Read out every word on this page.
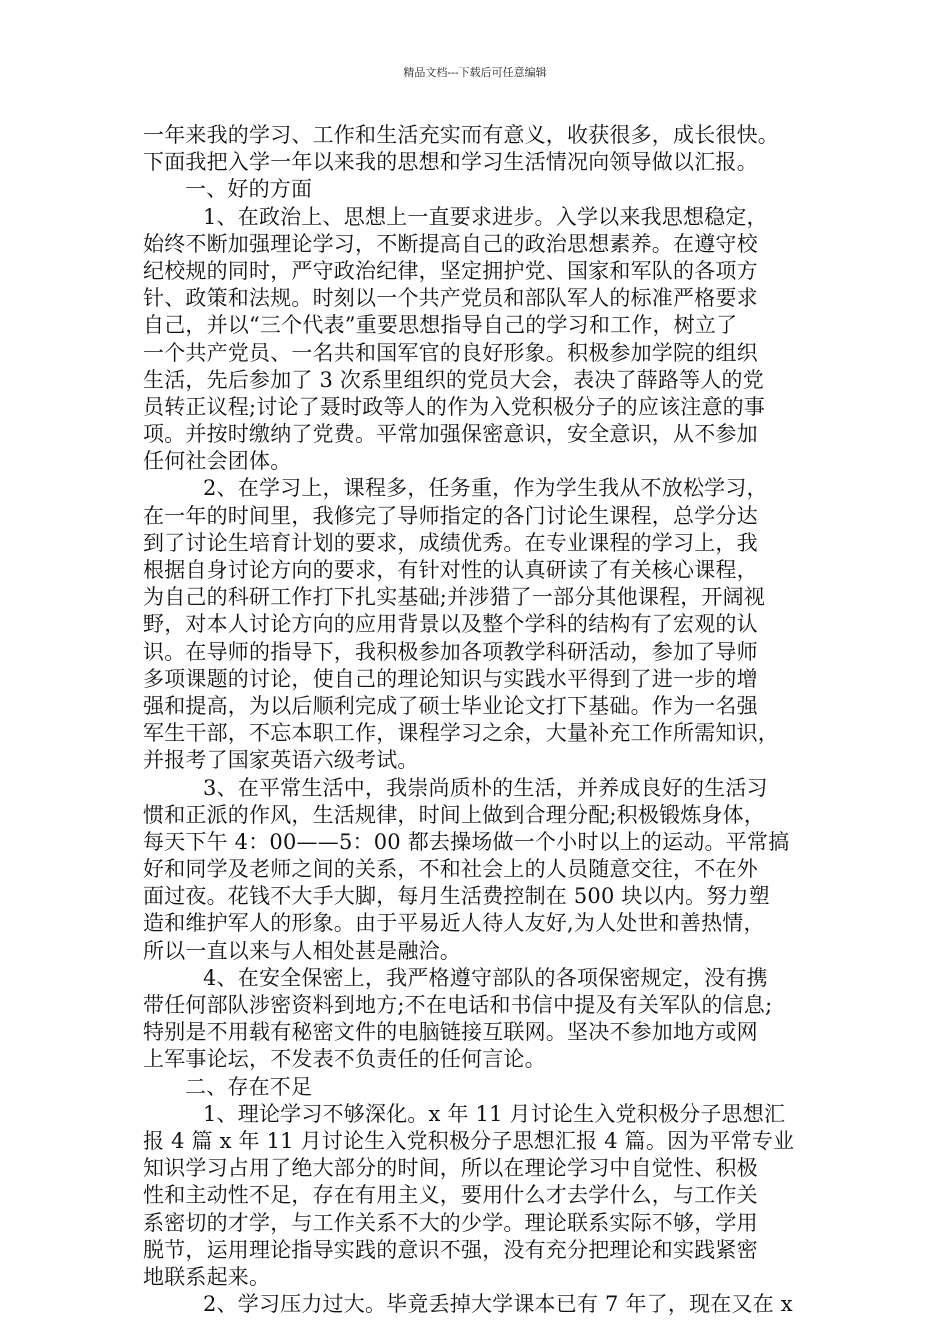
精品文档---下载后可任意编辑
一年来我的学习、工作和生活充实而有意义，收获很多，成长很快。
下面我把入学一年以来我的思想和学习生活情况向领导做以汇报。
一、好的方面
1、在政治上、思想上一直要求进步。入学以来我思想稳定，
始终不断加强理论学习，不断提高自己的政治思想素养。在遵守校
纪校规的同时，严守政治纪律，坚定拥护党、国家和军队的各项方
针、政策和法规。时刻以一个共产党员和部队军人的标准严格要求
自己，并以“三个代表”重要思想指导自己的学习和工作，树立了
一个共产党员、一名共和国军官的良好形象。积极参加学院的组织
生活，先后参加了 3 次系里组织的党员大会，表决了薛路等人的党
员转正议程;讨论了聂时政等人的作为入党积极分子的应该注意的事
项。并按时缴纳了党费。平常加强保密意识，安全意识，从不参加
任何社会团体。
2、在学习上，课程多，任务重，作为学生我从不放松学习，
在一年的时间里，我修完了导师指定的各门讨论生课程，总学分达
到了讨论生培育计划的要求，成绩优秀。在专业课程的学习上，我
根据自身讨论方向的要求，有针对性的认真研读了有关核心课程，
为自己的科研工作打下扎实基础;并涉猎了一部分其他课程，开阔视
野，对本人讨论方向的应用背景以及整个学科的结构有了宏观的认
识。在导师的指导下，我积极参加各项教学科研活动，参加了导师
多项课题的讨论，使自己的理论知识与实践水平得到了进一步的增
强和提高，为以后顺利完成了硕士毕业论文打下基础。作为一名强
军生干部，不忘本职工作，课程学习之余，大量补充工作所需知识，
并报考了国家英语六级考试。
3、在平常生活中，我崇尚质朴的生活，并养成良好的生活习
惯和正派的作风，生活规律，时间上做到合理分配;积极锻炼身体，
每天下午 4：00——5：00 都去操场做一个小时以上的运动。平常搞
好和同学及老师之间的关系，不和社会上的人员随意交往，不在外
面过夜。花钱不大手大脚，每月生活费控制在 500 块以内。努力塑
造和维护军人的形象。由于平易近人待人友好,为人处世和善热情，
所以一直以来与人相处甚是融洽。
4、在安全保密上，我严格遵守部队的各项保密规定，没有携
带任何部队涉密资料到地方;不在电话和书信中提及有关军队的信息;
特别是不用载有秘密文件的电脑链接互联网。坚决不参加地方或网
上军事论坛，不发表不负责任的任何言论。
二、存在不足
1、理论学习不够深化。x 年 11 月讨论生入党积极分子思想汇
报 4 篇 x 年 11 月讨论生入党积极分子思想汇报 4 篇。因为平常专业
知识学习占用了绝大部分的时间，所以在理论学习中自觉性、积极
性和主动性不足，存在有用主义，要用什么才去学什么，与工作关
系密切的才学，与工作关系不大的少学。理论联系实际不够，学用
脱节，运用理论指导实践的意识不强，没有充分把理论和实践紧密
地联系起来。
2、学习压力过大。毕竟丢掉大学课本已有 7 年了，现在又在 x
